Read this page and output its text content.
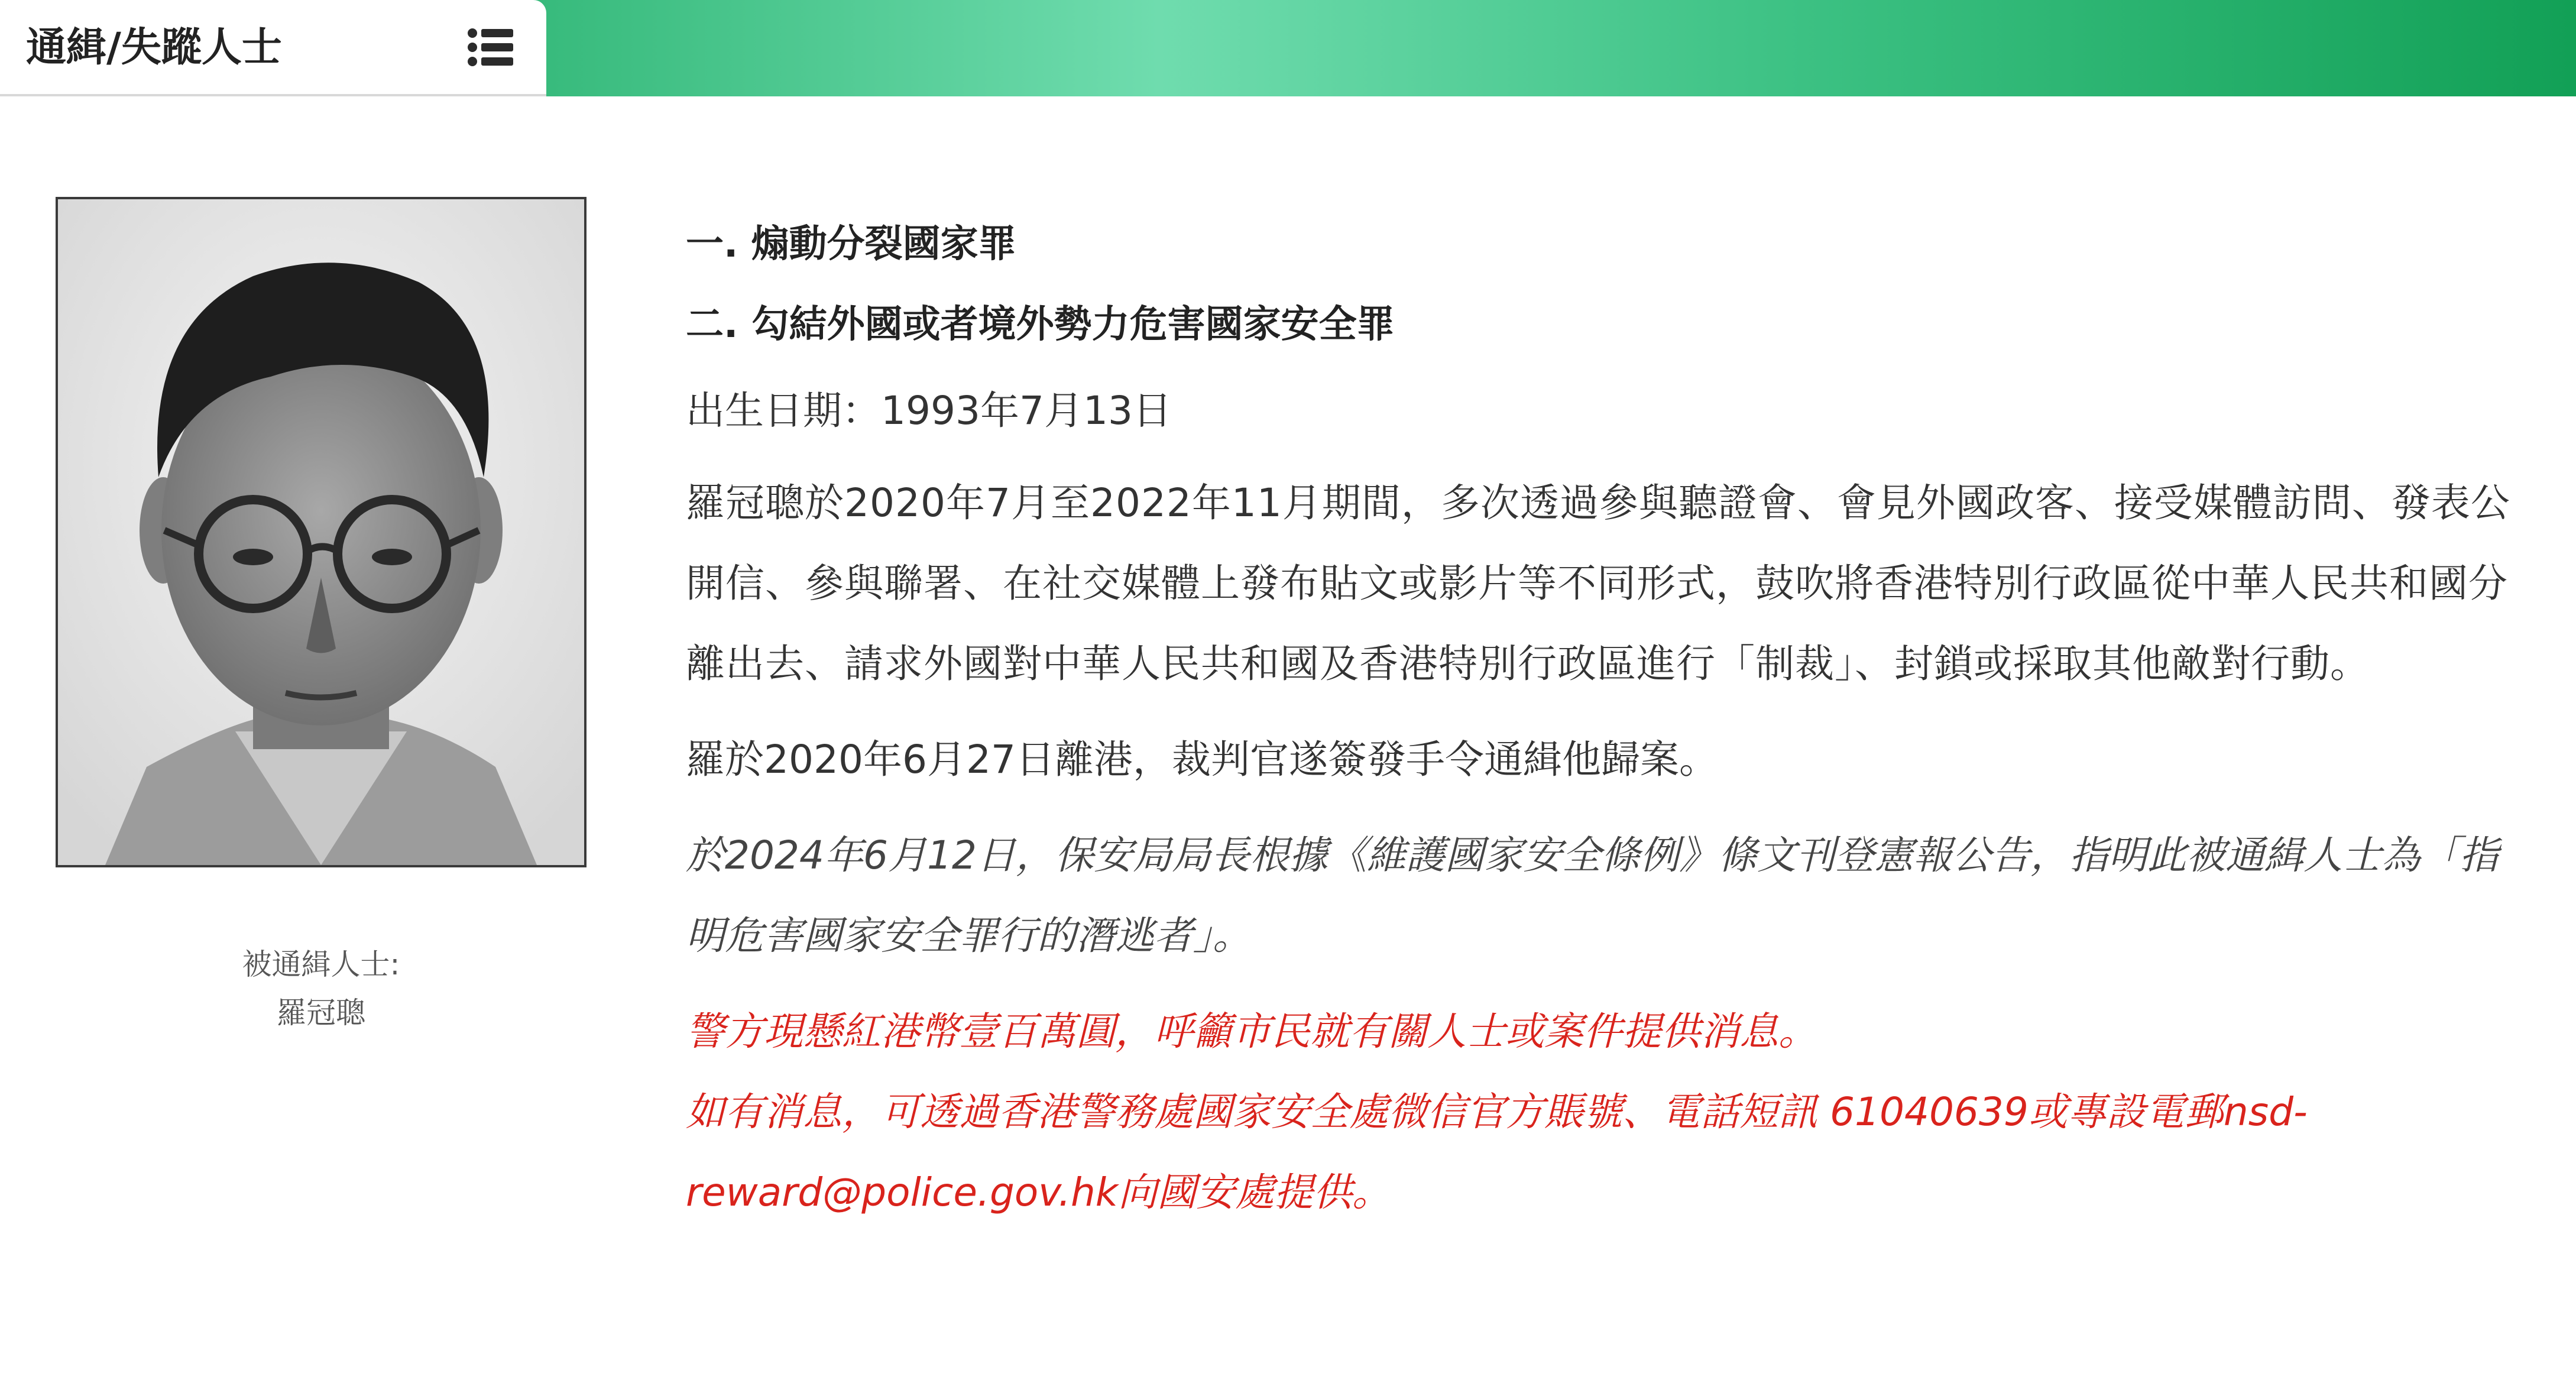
通緝/失蹤人士
被通緝人士:
羅冠聰
一. 煽動分裂國家罪
二. 勾結外國或者境外勢力危害國家安全罪

出生日期：1993年7月13日

羅冠聰於2020年7月至2022年11月期間，多次透過參與聽證會、會見外國政客、接受媒體訪問、發表公開信、參與聯署、在社交媒體上發布貼文或影片等不同形式，鼓吹將香港特別行政區從中華人民共和國分離出去、請求外國對中華人民共和國及香港特別行政區進行「制裁」、封鎖或採取其他敵對行動。

羅於2020年6月27日離港，裁判官遂簽發手令通緝他歸案。

於2024年6月12日，保安局局長根據《維護國家安全條例》條文刊登憲報公告，指明此被通緝人士為「指明危害國家安全罪行的潛逃者」。

警方現懸紅港幣壹百萬圓，呼籲市民就有關人士或案件提供消息。

如有消息，可透過香港警務處國家安全處微信官方賬號、電話短訊 61040639或專設電郵nsd-reward@police.gov.hk向國安處提供。
